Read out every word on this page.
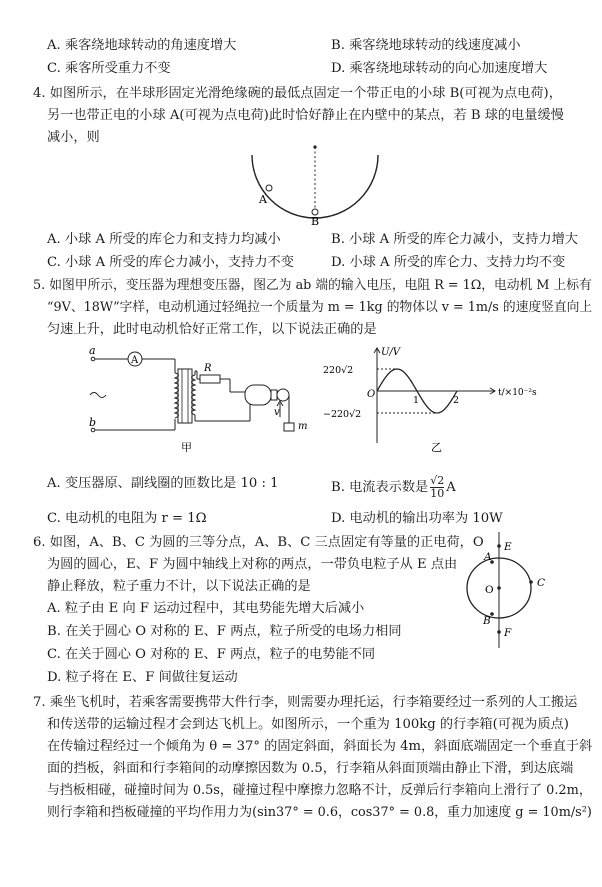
A. 乘客绕地球转动的角速度增大	B. 乘客绕地球转动的线速度减小
C. 乘客所受重力不变	D. 乘客绕地球转动的向心加速度增大
4. 如图所示，在半球形固定光滑绝缘碗的最低点固定一个带正电的小球 B(可视为点电荷)，
另一也带正电的小球 A(可视为点电荷)此时恰好静止在内壁中的某点，若 B 球的电量缓慢
减小，则
A
B
A. 小球 A 所受的库仑力和支持力均减小	B. 小球 A 所受的库仑力减小，支持力增大
C. 小球 A 所受的库仑力减小，支持力不变	D. 小球 A 所受的库仑力、支持力均不变
5. 如图甲所示，变压器为理想变压器，图乙为 ab 端的输入电压，电阻 R = 1Ω，电动机 M 上标有
“9V、18W”字样，电动机通过轻绳拉一个质量为 m = 1kg 的物体以 v = 1m/s 的速度竖直向上
匀速上升，此时电动机恰好正常工作，以下说法正确的是
a
b
A
R
v
m
甲
U/V
t/×10⁻²s
220√2
−220√2
O
1	2
乙
A. 变压器原、副线圈的匝数比是 10 : 1	B. 电流表示数是 $\frac{√2}{10}$ A
C. 电动机的电阻为 r = 1Ω	D. 电动机的输出功率为 10W
6. 如图，A、B、C 为圆的三等分点，A、B、C 三点固定有等量的正电荷，O
为圆的圆心，E、F 为圆中轴线上对称的两点，一带负电粒子从 E 点由
静止释放，粒子重力不计，以下说法正确的是
A. 粒子由 E 向 F 运动过程中，其电势能先增大后减小
B. 在关于圆心 O 对称的 E、F 两点，粒子所受的电场力相同
C. 在关于圆心 O 对称的 E、F 两点，粒子的电势能不同
D. 粒子将在 E、F 间做往复运动
E
A
O
C
B
F
7. 乘坐飞机时，若乘客需要携带大件行李，则需要办理托运，行李箱要经过一系列的人工搬运
和传送带的运输过程才会到达飞机上。如图所示，一个重为 100kg 的行李箱(可视为质点)
在传输过程经过一个倾角为 θ = 37° 的固定斜面，斜面长为 4m，斜面底端固定一个垂直于斜
面的挡板，斜面和行李箱间的动摩擦因数为 0.5，行李箱从斜面顶端由静止下滑，到达底端
与挡板相碰，碰撞时间为 0.5s，碰撞过程中摩擦力忽略不计，反弹后行李箱向上滑行了 0.2m，
则行李箱和挡板碰撞的平均作用力为(sin37° = 0.6，cos37° = 0.8，重力加速度 g = 10m/s²)
